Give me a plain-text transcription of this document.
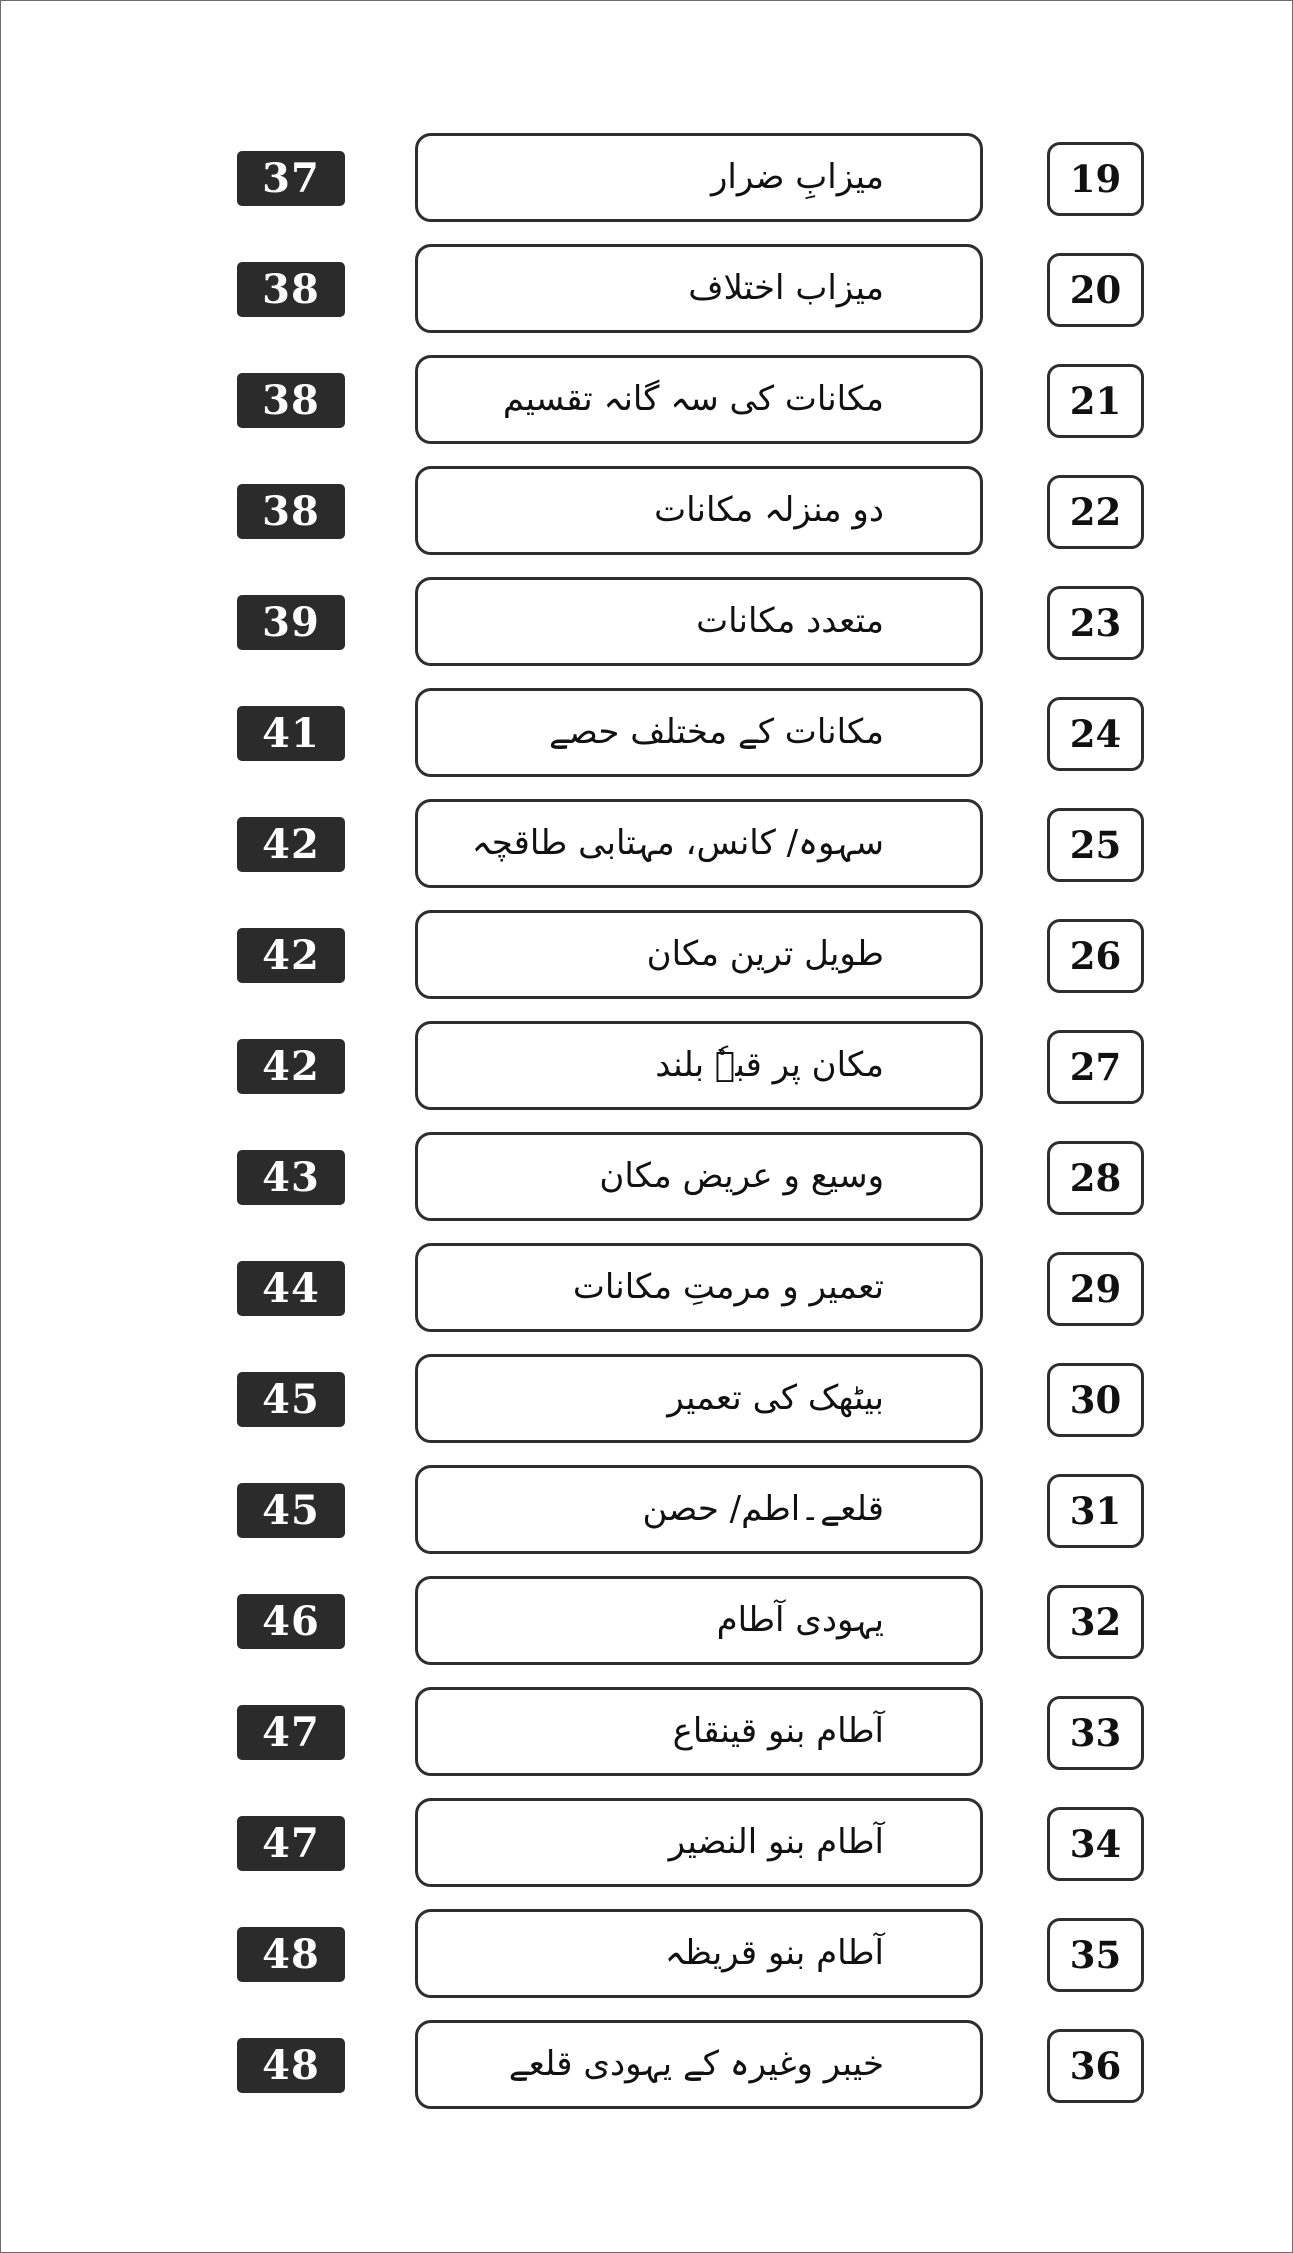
37	میزابِ ضرار	19
38	میزاب اختلاف	20
38	مکانات کی سہ گانہ تقسیم	21
38	دو منزلہ مکانات	22
39	متعدد مکانات	23
41	مکانات کے مختلف حصے	24
42	سہوہ/ کانس، مہتابی طاقچہ	25
42	طویل ترین مکان	26
42	مکان پر قبہٗ بلند	27
43	وسیع و عریض مکان	28
44	تعمیر و مرمتِ مکانات	29
45	بیٹھک کی تعمیر	30
45	قلعے۔اطم/ حصن	31
46	یہودی آطام	32
47	آطام بنو قینقاع	33
47	آطام بنو النضیر	34
48	آطام بنو قریظہ	35
48	خیبر وغیرہ کے یہودی قلعے	36
